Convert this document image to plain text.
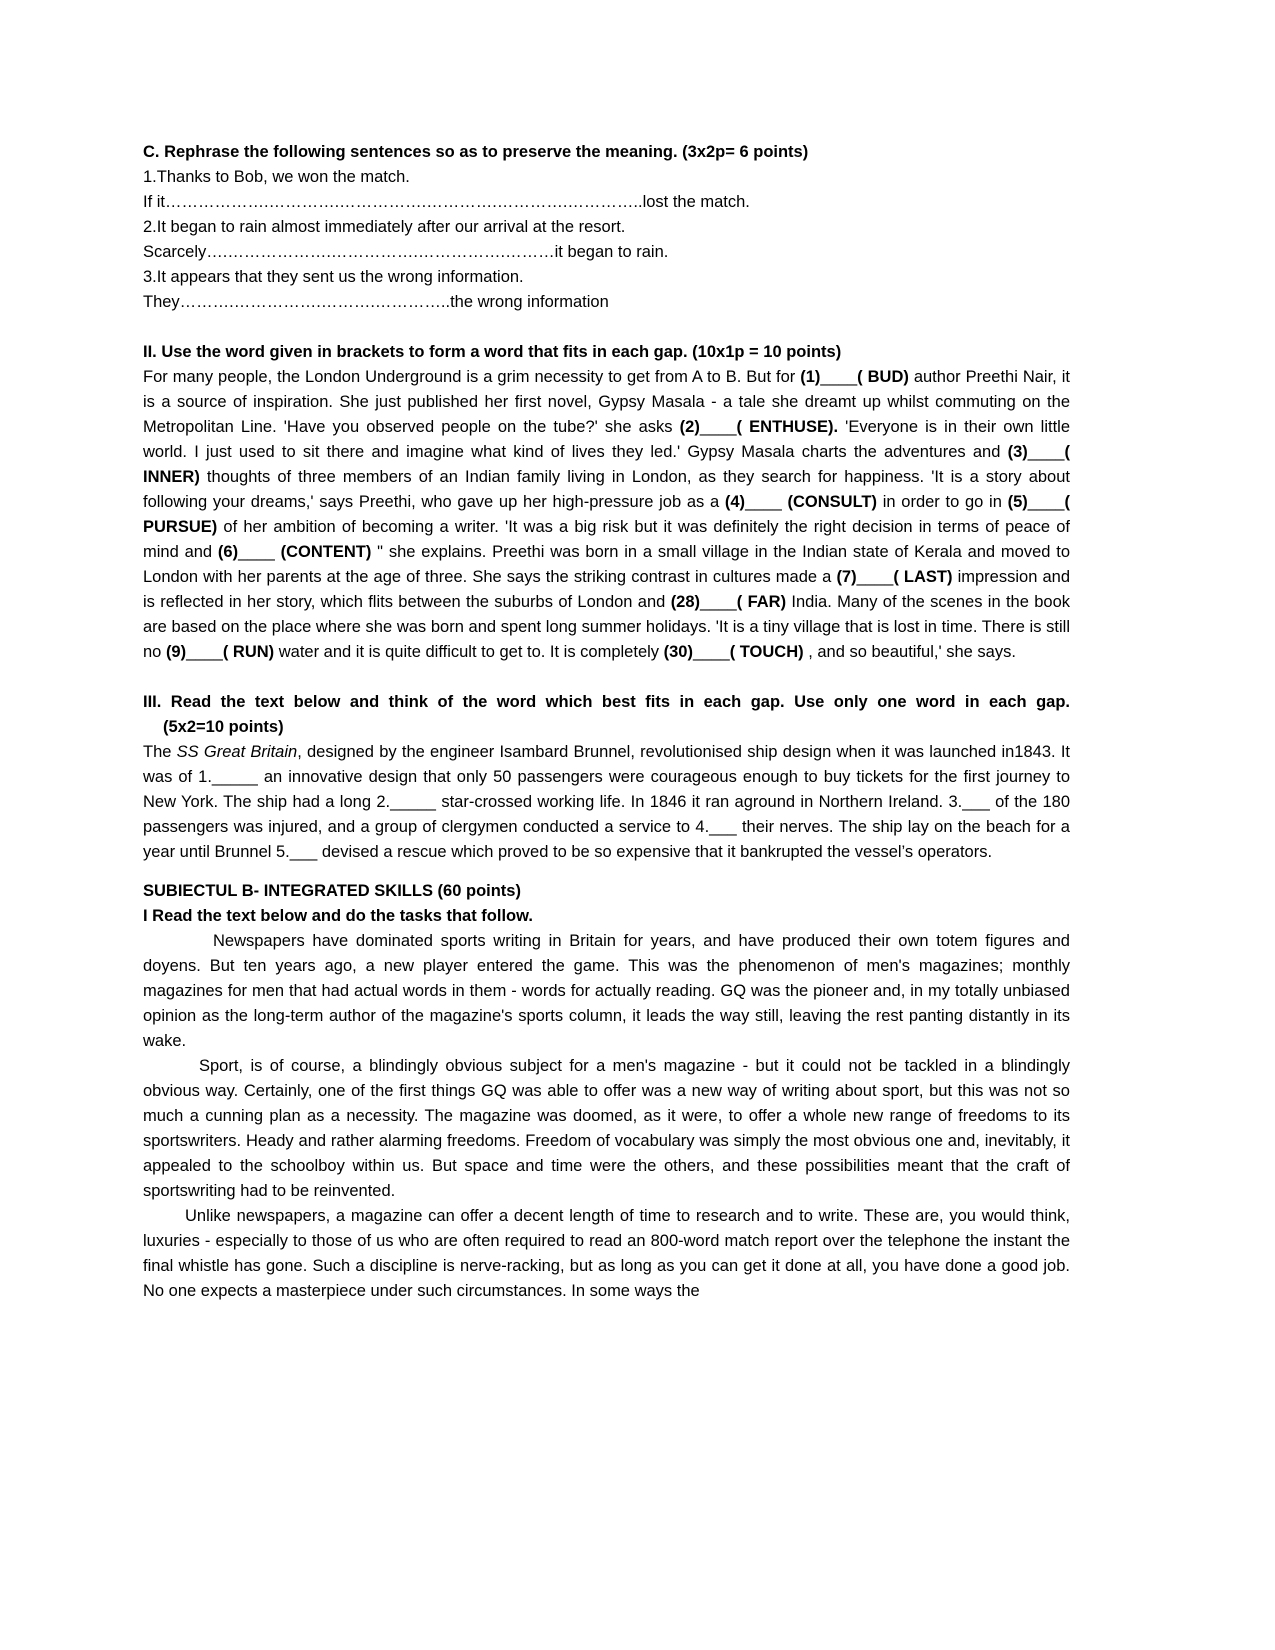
C. Rephrase the following sentences so as to preserve the meaning. (3x2p= 6 points)

1.Thanks to Bob, we won the match.

If it……………….………….…………….………….………….…………..lost the match.

2.It began to rain almost immediately after our arrival at the resort.

Scarcely….……………….…………….…………….………it began to rain.

3.It appears that they sent us the wrong information.

They……….…………….……….…………..the wrong information

II. Use the word given in brackets to form a word that fits in each gap. (10x1p = 10 points)

For many people, the London Underground is a grim necessity to get from A to B. But for (1)____( BUD) author Preethi Nair, it is a source of inspiration. She just published her first novel, Gypsy Masala - a tale she dreamt up whilst commuting on the Metropolitan Line. 'Have you observed people on the tube?' she asks (2)____( ENTHUSE). 'Everyone is in their own little world. I just used to sit there and imagine what kind of lives they led.' Gypsy Masala charts the adventures and (3)____( INNER) thoughts of three members of an Indian family living in London, as they search for happiness. 'It is a story about following your dreams,' says Preethi, who gave up her high-pressure job as a (4)____ (CONSULT) in order to go in (5)____( PURSUE) of her ambition of becoming a writer. 'It was a big risk but it was definitely the right decision in terms of peace of mind and (6)____ (CONTENT) " she explains. Preethi was born in a small village in the Indian state of Kerala and moved to London with her parents at the age of three. She says the striking contrast in cultures made a (7)____( LAST) impression and is reflected in her story, which flits between the suburbs of London and (28)____( FAR) India. Many of the scenes in the book are based on the place where she was born and spent long summer holidays. 'It is a tiny village that is lost in time. There is still no (9)____( RUN) water and it is quite difficult to get to. It is completely (30)____( TOUCH) , and so beautiful,' she says.

III. Read the text below and think of the word which best fits in each gap. Use only one word in each gap.

(5x2=10 points)

The SS Great Britain, designed by the engineer Isambard Brunnel, revolutionised ship design when it was launched in1843. It was of 1._____ an innovative design that only 50 passengers were courageous enough to buy tickets for the first journey to New York. The ship had a long 2._____ star-crossed working life. In 1846 it ran aground in Northern Ireland. 3.___ of the 180 passengers was injured, and a group of clergymen conducted a service to 4.___ their nerves. The ship lay on the beach for a year until Brunnel 5.___ devised a rescue which proved to be so expensive that it bankrupted the vessel’s operators.

SUBIECTUL B- INTEGRATED SKILLS (60 points)

I Read the text below and do the tasks that follow.

Newspapers have dominated sports writing in Britain for years, and have produced their own totem figures and doyens. But ten years ago, a new player entered the game. This was the phenomenon of men's magazines; monthly magazines for men that had actual words in them - words for actually reading. GQ was the pioneer and, in my totally unbiased opinion as the long-term author of the magazine's sports column, it leads the way still, leaving the rest panting distantly in its wake.

Sport, is of course, a blindingly obvious subject for a men's magazine - but it could not be tackled in a blindingly obvious way. Certainly, one of the first things GQ was able to offer was a new way of writing about sport, but this was not so much a cunning plan as a necessity. The magazine was doomed, as it were, to offer a whole new range of freedoms to its sportswriters. Heady and rather alarming freedoms. Freedom of vocabulary was simply the most obvious one and, inevitably, it appealed to the schoolboy within us. But space and time were the others, and these possibilities meant that the craft of sportswriting had to be reinvented.

Unlike newspapers, a magazine can offer a decent length of time to research and to write. These are, you would think, luxuries - especially to those of us who are often required to read an 800-word match report over the telephone the instant the final whistle has gone. Such a discipline is nerve-racking, but as long as you can get it done at all, you have done a good job. No one expects a masterpiece under such circumstances. In some ways the
